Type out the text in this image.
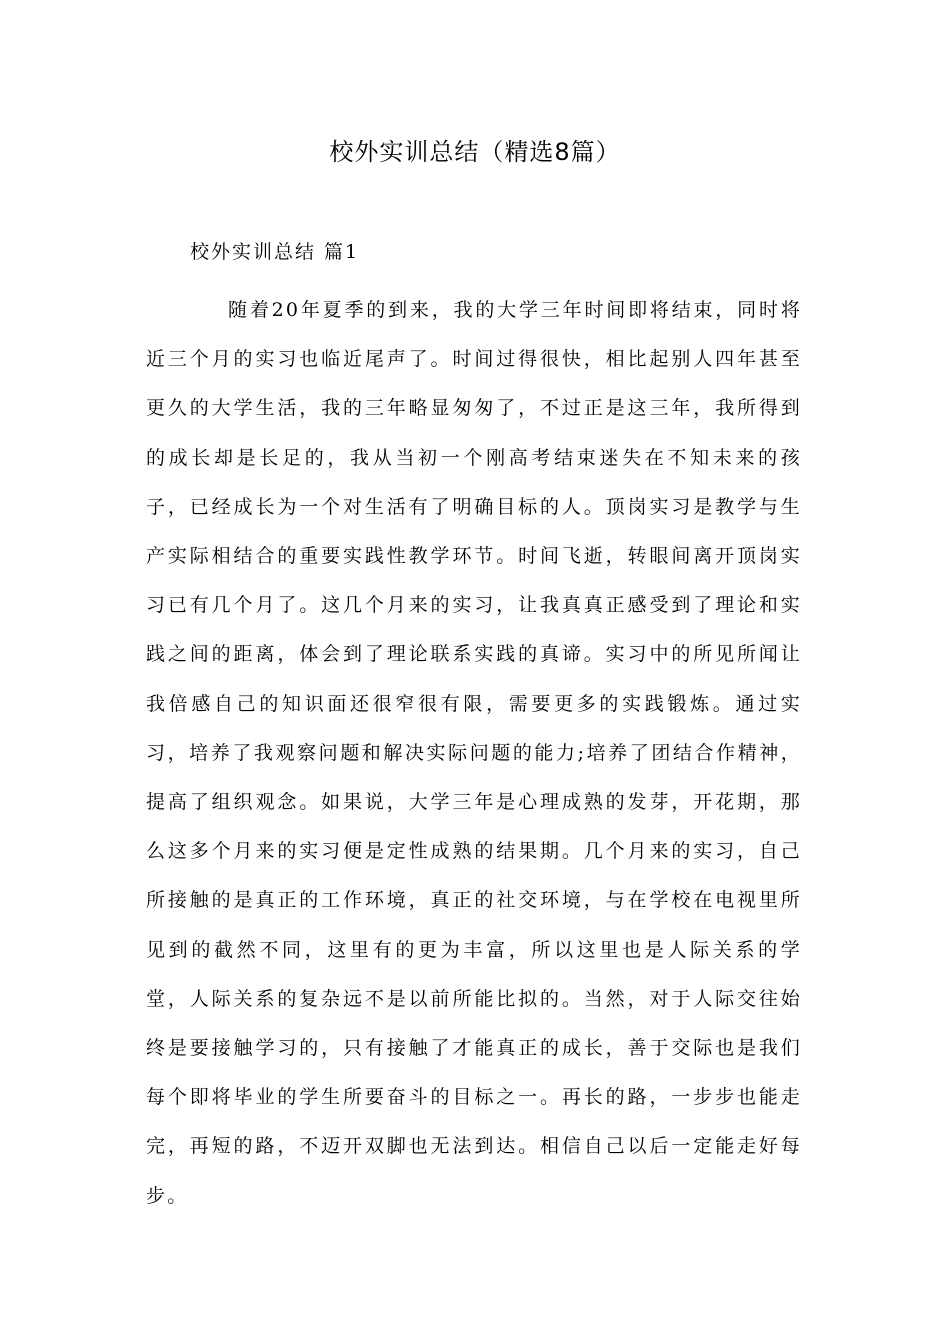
校外实训总结（精选8篇）
校外实训总结 篇1

随着20年夏季的到来，我的大学三年时间即将结束，同时将近三个月的实习也临近尾声了。时间过得很快，相比起别人四年甚至更久的大学生活，我的三年略显匆匆了，不过正是这三年，我所得到的成长却是长足的，我从当初一个刚高考结束迷失在不知未来的孩子，已经成长为一个对生活有了明确目标的人。顶岗实习是教学与生产实际相结合的重要实践性教学环节。时间飞逝，转眼间离开顶岗实习已有几个月了。这几个月来的实习，让我真真正感受到了理论和实践之间的距离，体会到了理论联系实践的真谛。实习中的所见所闻让我倍感自己的知识面还很窄很有限，需要更多的实践锻炼。通过实习，培养了我观察问题和解决实际问题的能力;培养了团结合作精神，提高了组织观念。如果说，大学三年是心理成熟的发芽，开花期，那么这多个月来的实习便是定性成熟的结果期。几个月来的实习，自己所接触的是真正的工作环境，真正的社交环境，与在学校在电视里所见到的截然不同，这里有的更为丰富，所以这里也是人际关系的学堂，人际关系的复杂远不是以前所能比拟的。当然，对于人际交往始终是要接触学习的，只有接触了才能真正的成长，善于交际也是我们每个即将毕业的学生所要奋斗的目标之一。再长的路，一步步也能走完，再短的路，不迈开双脚也无法到达。相信自己以后一定能走好每步。
